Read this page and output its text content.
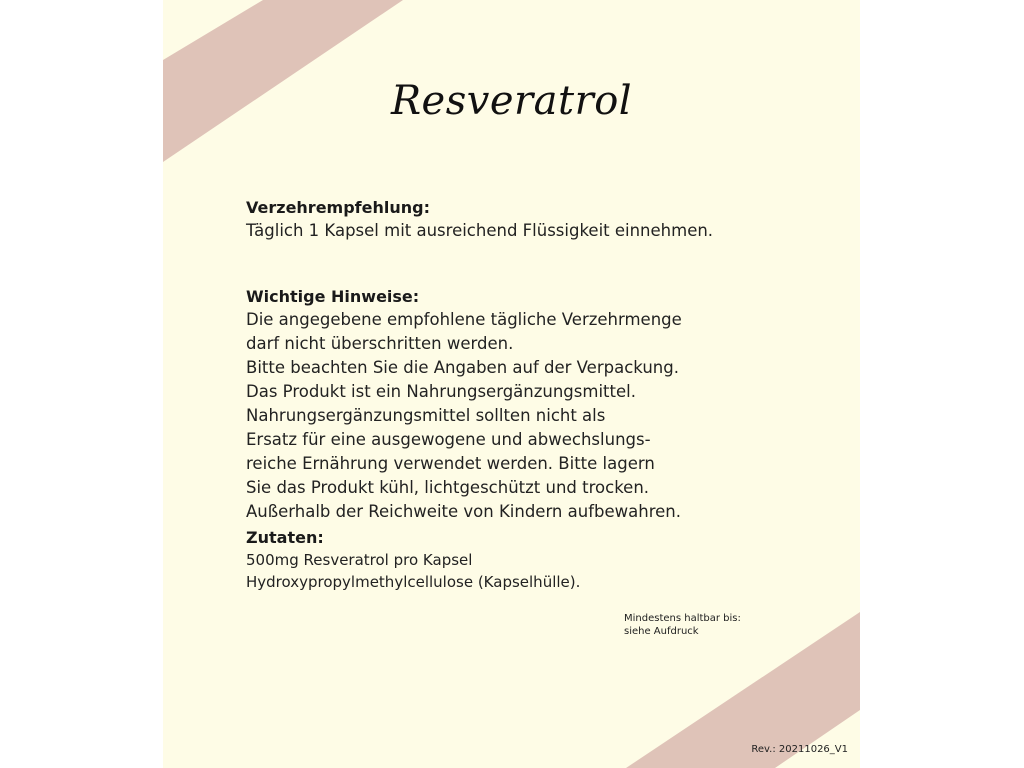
Resveratrol

Verzehrempfehlung:

Täglich 1 Kapsel mit ausreichend Flüssigkeit einnehmen.

Wichtige Hinweise:

Die angegebene empfohlene tägliche Verzehrmenge
darf nicht überschritten werden.
Bitte beachten Sie die Angaben auf der Verpackung.
Das Produkt ist ein Nahrungsergänzungsmittel.
Nahrungsergänzungsmittel sollten nicht als
Ersatz für eine ausgewogene und abwechslungs-
reiche Ernährung verwendet werden. Bitte lagern
Sie das Produkt kühl, lichtgeschützt und trocken.
Außerhalb der Reichweite von Kindern aufbewahren.

Zutaten:

500mg Resveratrol pro Kapsel
Hydroxypropylmethylcellulose (Kapselhülle).

Mindestens haltbar bis:
siehe Aufdruck
Rev.: 20211026_V1
